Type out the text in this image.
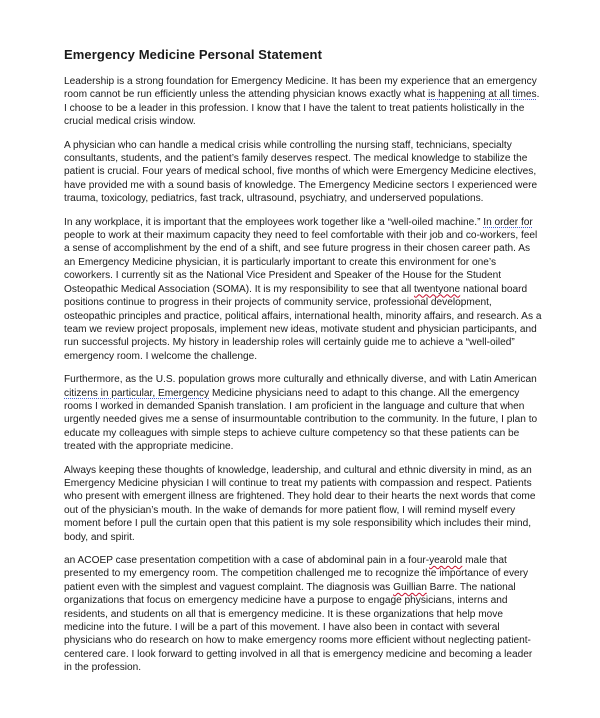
Emergency Medicine Personal Statement

Leadership is a strong foundation for Emergency Medicine. It has been my experience that an emergency room cannot be run efficiently unless the attending physician knows exactly what is happening at all times. I choose to be a leader in this profession. I know that I have the talent to treat patients holistically in the crucial medical crisis window.

A physician who can handle a medical crisis while controlling the nursing staff, technicians, specialty consultants, students, and the patient’s family deserves respect. The medical knowledge to stabilize the patient is crucial. Four years of medical school, five months of which were Emergency Medicine electives, have provided me with a sound basis of knowledge. The Emergency Medicine sectors I experienced were trauma, toxicology, pediatrics, fast track, ultrasound, psychiatry, and underserved populations.

In any workplace, it is important that the employees work together like a “well-oiled machine.” In order for people to work at their maximum capacity they need to feel comfortable with their job and co-workers, feel a sense of accomplishment by the end of a shift, and see future progress in their chosen career path. As an Emergency Medicine physician, it is particularly important to create this environment for one’s coworkers. I currently sit as the National Vice President and Speaker of the House for the Student Osteopathic Medical Association (SOMA). It is my responsibility to see that all twentyone national board positions continue to progress in their projects of community service, professional development, osteopathic principles and practice, political affairs, international health, minority affairs, and research. As a team we review project proposals, implement new ideas, motivate student and physician participants, and run successful projects. My history in leadership roles will certainly guide me to achieve a “well-oiled” emergency room. I welcome the challenge.

Furthermore, as the U.S. population grows more culturally and ethnically diverse, and with Latin American citizens in particular, Emergency Medicine physicians need to adapt to this change. All the emergency rooms I worked in demanded Spanish translation. I am proficient in the language and culture that when urgently needed gives me a sense of insurmountable contribution to the community. In the future, I plan to educate my colleagues with simple steps to achieve culture competency so that these patients can be treated with the appropriate medicine.

Always keeping these thoughts of knowledge, leadership, and cultural and ethnic diversity in mind, as an Emergency Medicine physician I will continue to treat my patients with compassion and respect. Patients who present with emergent illness are frightened. They hold dear to their hearts the next words that come out of the physician’s mouth. In the wake of demands for more patient flow, I will remind myself every moment before I pull the curtain open that this patient is my sole responsibility which includes their mind, body, and spirit.

an ACOEP case presentation competition with a case of abdominal pain in a four-yearold male that presented to my emergency room. The competition challenged me to recognize the importance of every patient even with the simplest and vaguest complaint. The diagnosis was Guillian Barre. The national organizations that focus on emergency medicine have a purpose to engage physicians, interns and residents, and students on all that is emergency medicine. It is these organizations that help move medicine into the future. I will be a part of this movement. I have also been in contact with several physicians who do research on how to make emergency rooms more efficient without neglecting patient-centered care. I look forward to getting involved in all that is emergency medicine and becoming a leader in the profession.
